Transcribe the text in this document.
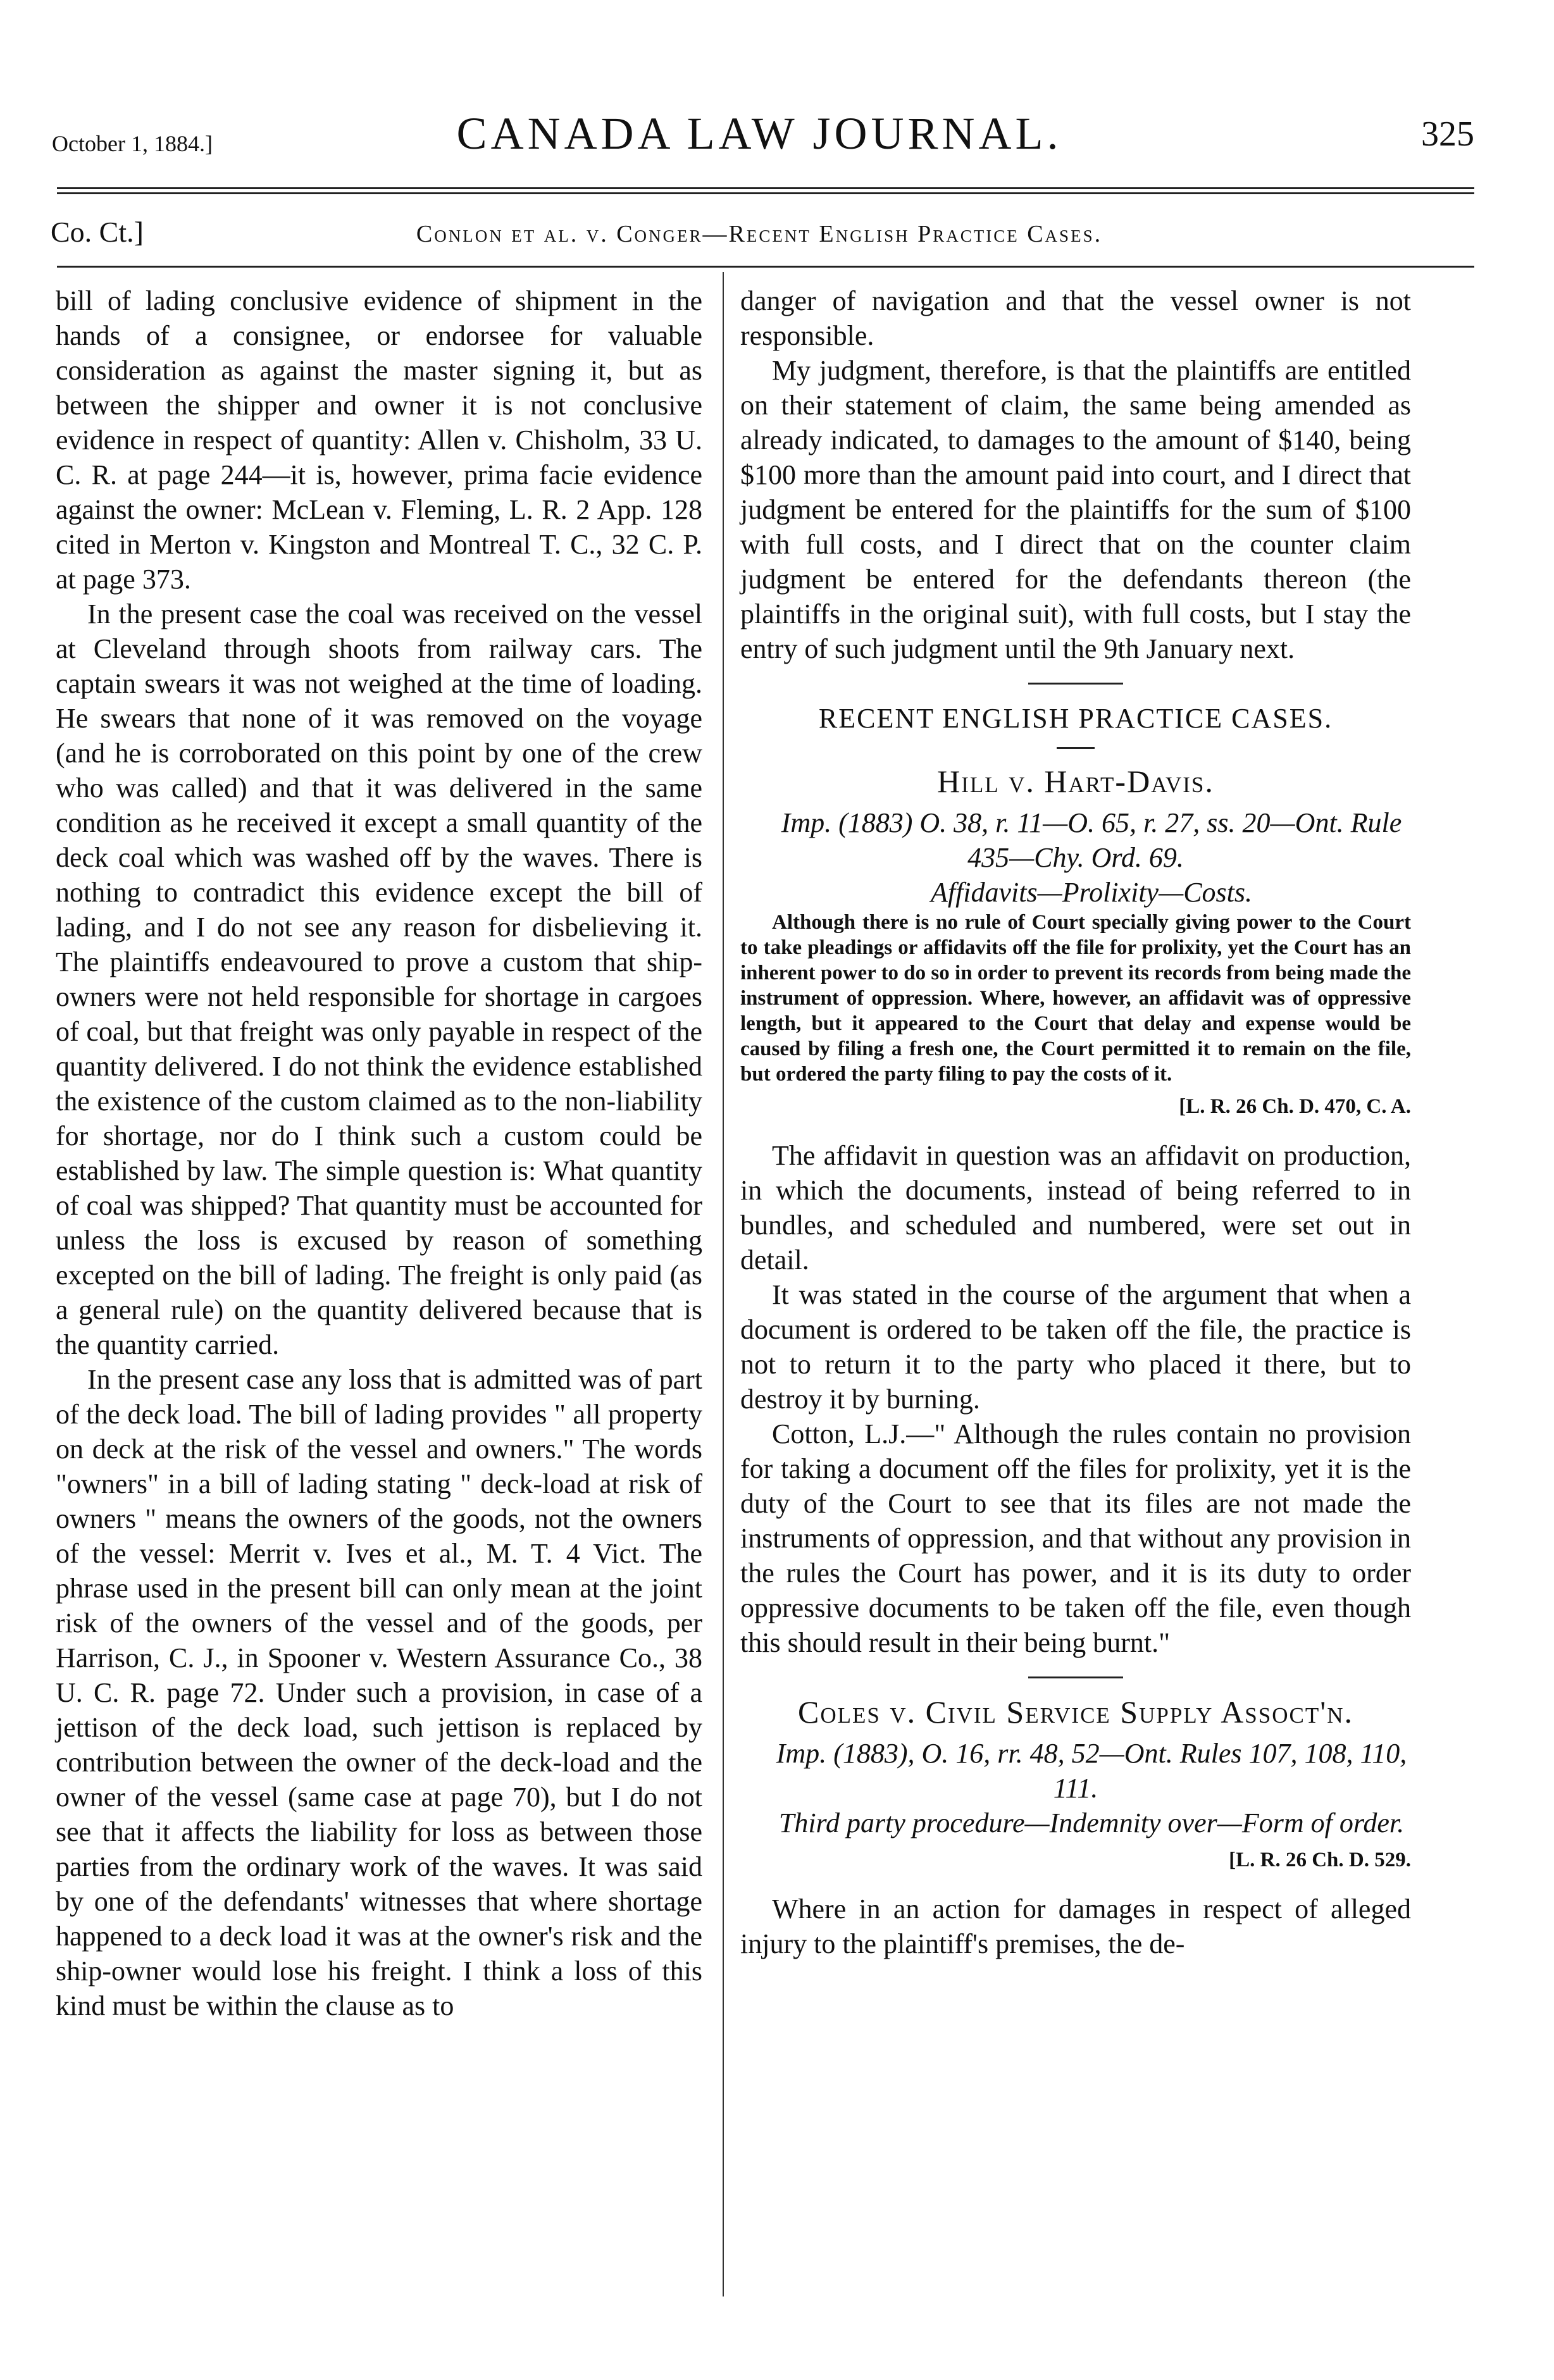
October 1, 1884.]	CANADA LAW JOURNAL.	325
Co. Ct.]	Conlon et al. v. Conger—Recent English Practice Cases.

bill of lading conclusive evidence of shipment in the hands of a consignee, or endorsee for valuable consideration as against the master signing it, but as between the shipper and owner it is not conclusive evidence in respect of quantity: Allen v. Chisholm, 33 U. C. R. at page 244—it is, however, prima facie evidence against the owner: McLean v. Fleming, L. R. 2 App. 128 cited in Merton v. Kingston and Montreal T. C., 32 C. P. at page 373.

In the present case the coal was received on the vessel at Cleveland through shoots from railway cars. The captain swears it was not weighed at the time of loading. He swears that none of it was removed on the voyage (and he is corroborated on this point by one of the crew who was called) and that it was delivered in the same condition as he received it except a small quantity of the deck coal which was washed off by the waves. There is nothing to contradict this evidence except the bill of lading, and I do not see any reason for disbelieving it. The plaintiffs endeavoured to prove a custom that ship-owners were not held responsible for shortage in cargoes of coal, but that freight was only payable in respect of the quantity delivered. I do not think the evidence established the existence of the custom claimed as to the non-liability for shortage, nor do I think such a custom could be established by law. The simple question is: What quantity of coal was shipped? That quantity must be accounted for unless the loss is excused by reason of something excepted on the bill of lading. The freight is only paid (as a general rule) on the quantity delivered because that is the quantity carried.

In the present case any loss that is admitted was of part of the deck load. The bill of lading provides " all property on deck at the risk of the vessel and owners." The words "owners" in a bill of lading stating " deck-load at risk of owners " means the owners of the goods, not the owners of the vessel: Merrit v. Ives et al., M. T. 4 Vict. The phrase used in the present bill can only mean at the joint risk of the owners of the vessel and of the goods, per Harrison, C. J., in Spooner v. Western Assurance Co., 38 U. C. R. page 72. Under such a provision, in case of a jettison of the deck load, such jettison is replaced by contribution between the owner of the deck-load and the owner of the vessel (same case at page 70), but I do not see that it affects the liability for loss as between those parties from the ordinary work of the waves. It was said by one of the defendants' witnesses that where shortage happened to a deck load it was at the owner's risk and the ship-owner would lose his freight. I think a loss of this kind must be within the clause as to

danger of navigation and that the vessel owner is not responsible.

My judgment, therefore, is that the plaintiffs are entitled on their statement of claim, the same being amended as already indicated, to damages to the amount of $140, being $100 more than the amount paid into court, and I direct that judgment be entered for the plaintiffs for the sum of $100 with full costs, and I direct that on the counter claim judgment be entered for the defendants thereon (the plaintiffs in the original suit), with full costs, but I stay the entry of such judgment until the 9th January next.

RECENT ENGLISH PRACTICE CASES.

Hill v. Hart-Davis.

Imp. (1883) O. 38, r. 11—O. 65, r. 27, ss. 20—Ont. Rule 435—Chy. Ord. 69.

Affidavits—Prolixity—Costs.

Although there is no rule of Court specially giving power to the Court to take pleadings or affidavits off the file for prolixity, yet the Court has an inherent power to do so in order to prevent its records from being made the instrument of oppression. Where, however, an affidavit was of oppressive length, but it appeared to the Court that delay and expense would be caused by filing a fresh one, the Court permitted it to remain on the file, but ordered the party filing to pay the costs of it.

[L. R. 26 Ch. D. 470, C. A.

The affidavit in question was an affidavit on production, in which the documents, instead of being referred to in bundles, and scheduled and numbered, were set out in detail.

It was stated in the course of the argument that when a document is ordered to be taken off the file, the practice is not to return it to the party who placed it there, but to destroy it by burning.

Cotton, L.J.—" Although the rules contain no provision for taking a document off the files for prolixity, yet it is the duty of the Court to see that its files are not made the instruments of oppression, and that without any provision in the rules the Court has power, and it is its duty to order oppressive documents to be taken off the file, even though this should result in their being burnt."

Coles v. Civil Service Supply Assoct'n.

Imp. (1883), O. 16, rr. 48, 52—Ont. Rules 107, 108, 110, 111.

Third party procedure—Indemnity over—Form of order.

[L. R. 26 Ch. D. 529.

Where in an action for damages in respect of alleged injury to the plaintiff's premises, the de-
